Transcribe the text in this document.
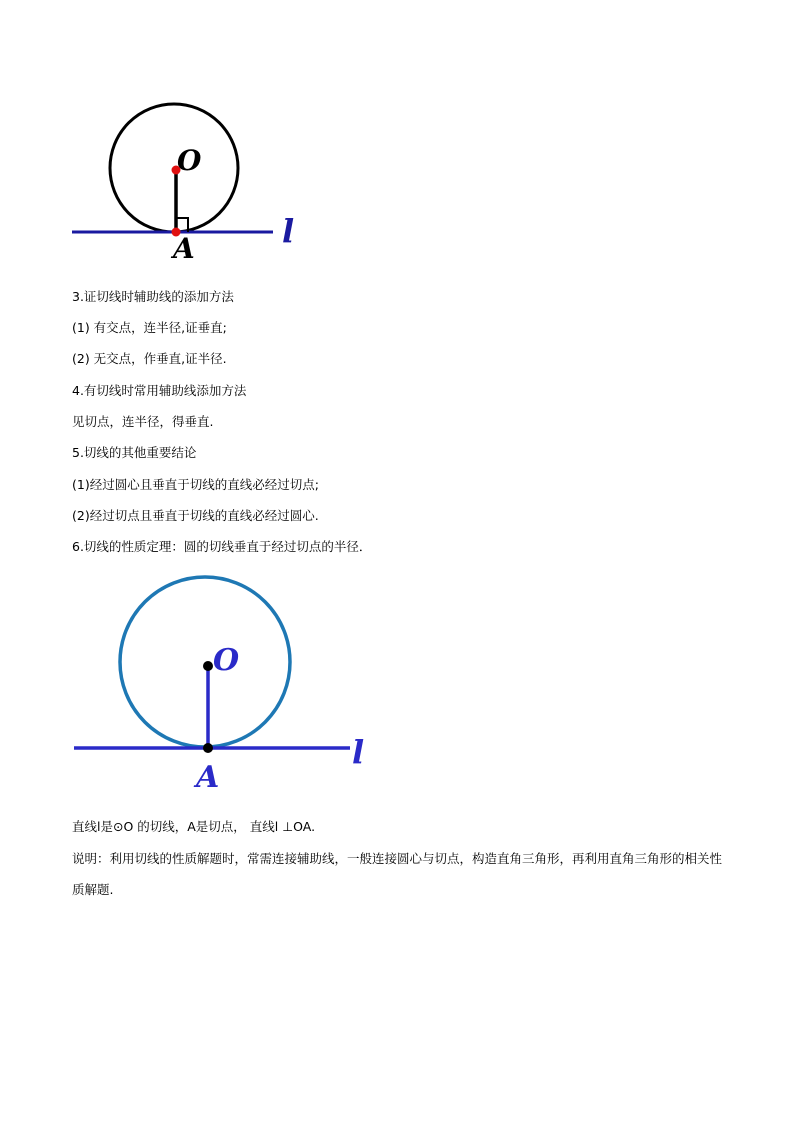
O
A	l
3.证切线时辅助线的添加方法
(1) 有交点，连半径,证垂直;
(2) 无交点，作垂直,证半径.
4.有切线时常用辅助线添加方法
见切点，连半径，得垂直.
5.切线的其他重要结论
(1)经过圆心且垂直于切线的直线必经过切点;
(2)经过切点且垂直于切线的直线必经过圆心.
6.切线的性质定理：圆的切线垂直于经过切点的半径．
O
A
l
直线l是⊙O 的切线，A是切点， 直线l ⊥OA.
说明：利用切线的性质解题时，常需连接辅助线，一般连接圆心与切点，构造直角三角形，再利用直角三角形的相关性质解题.
